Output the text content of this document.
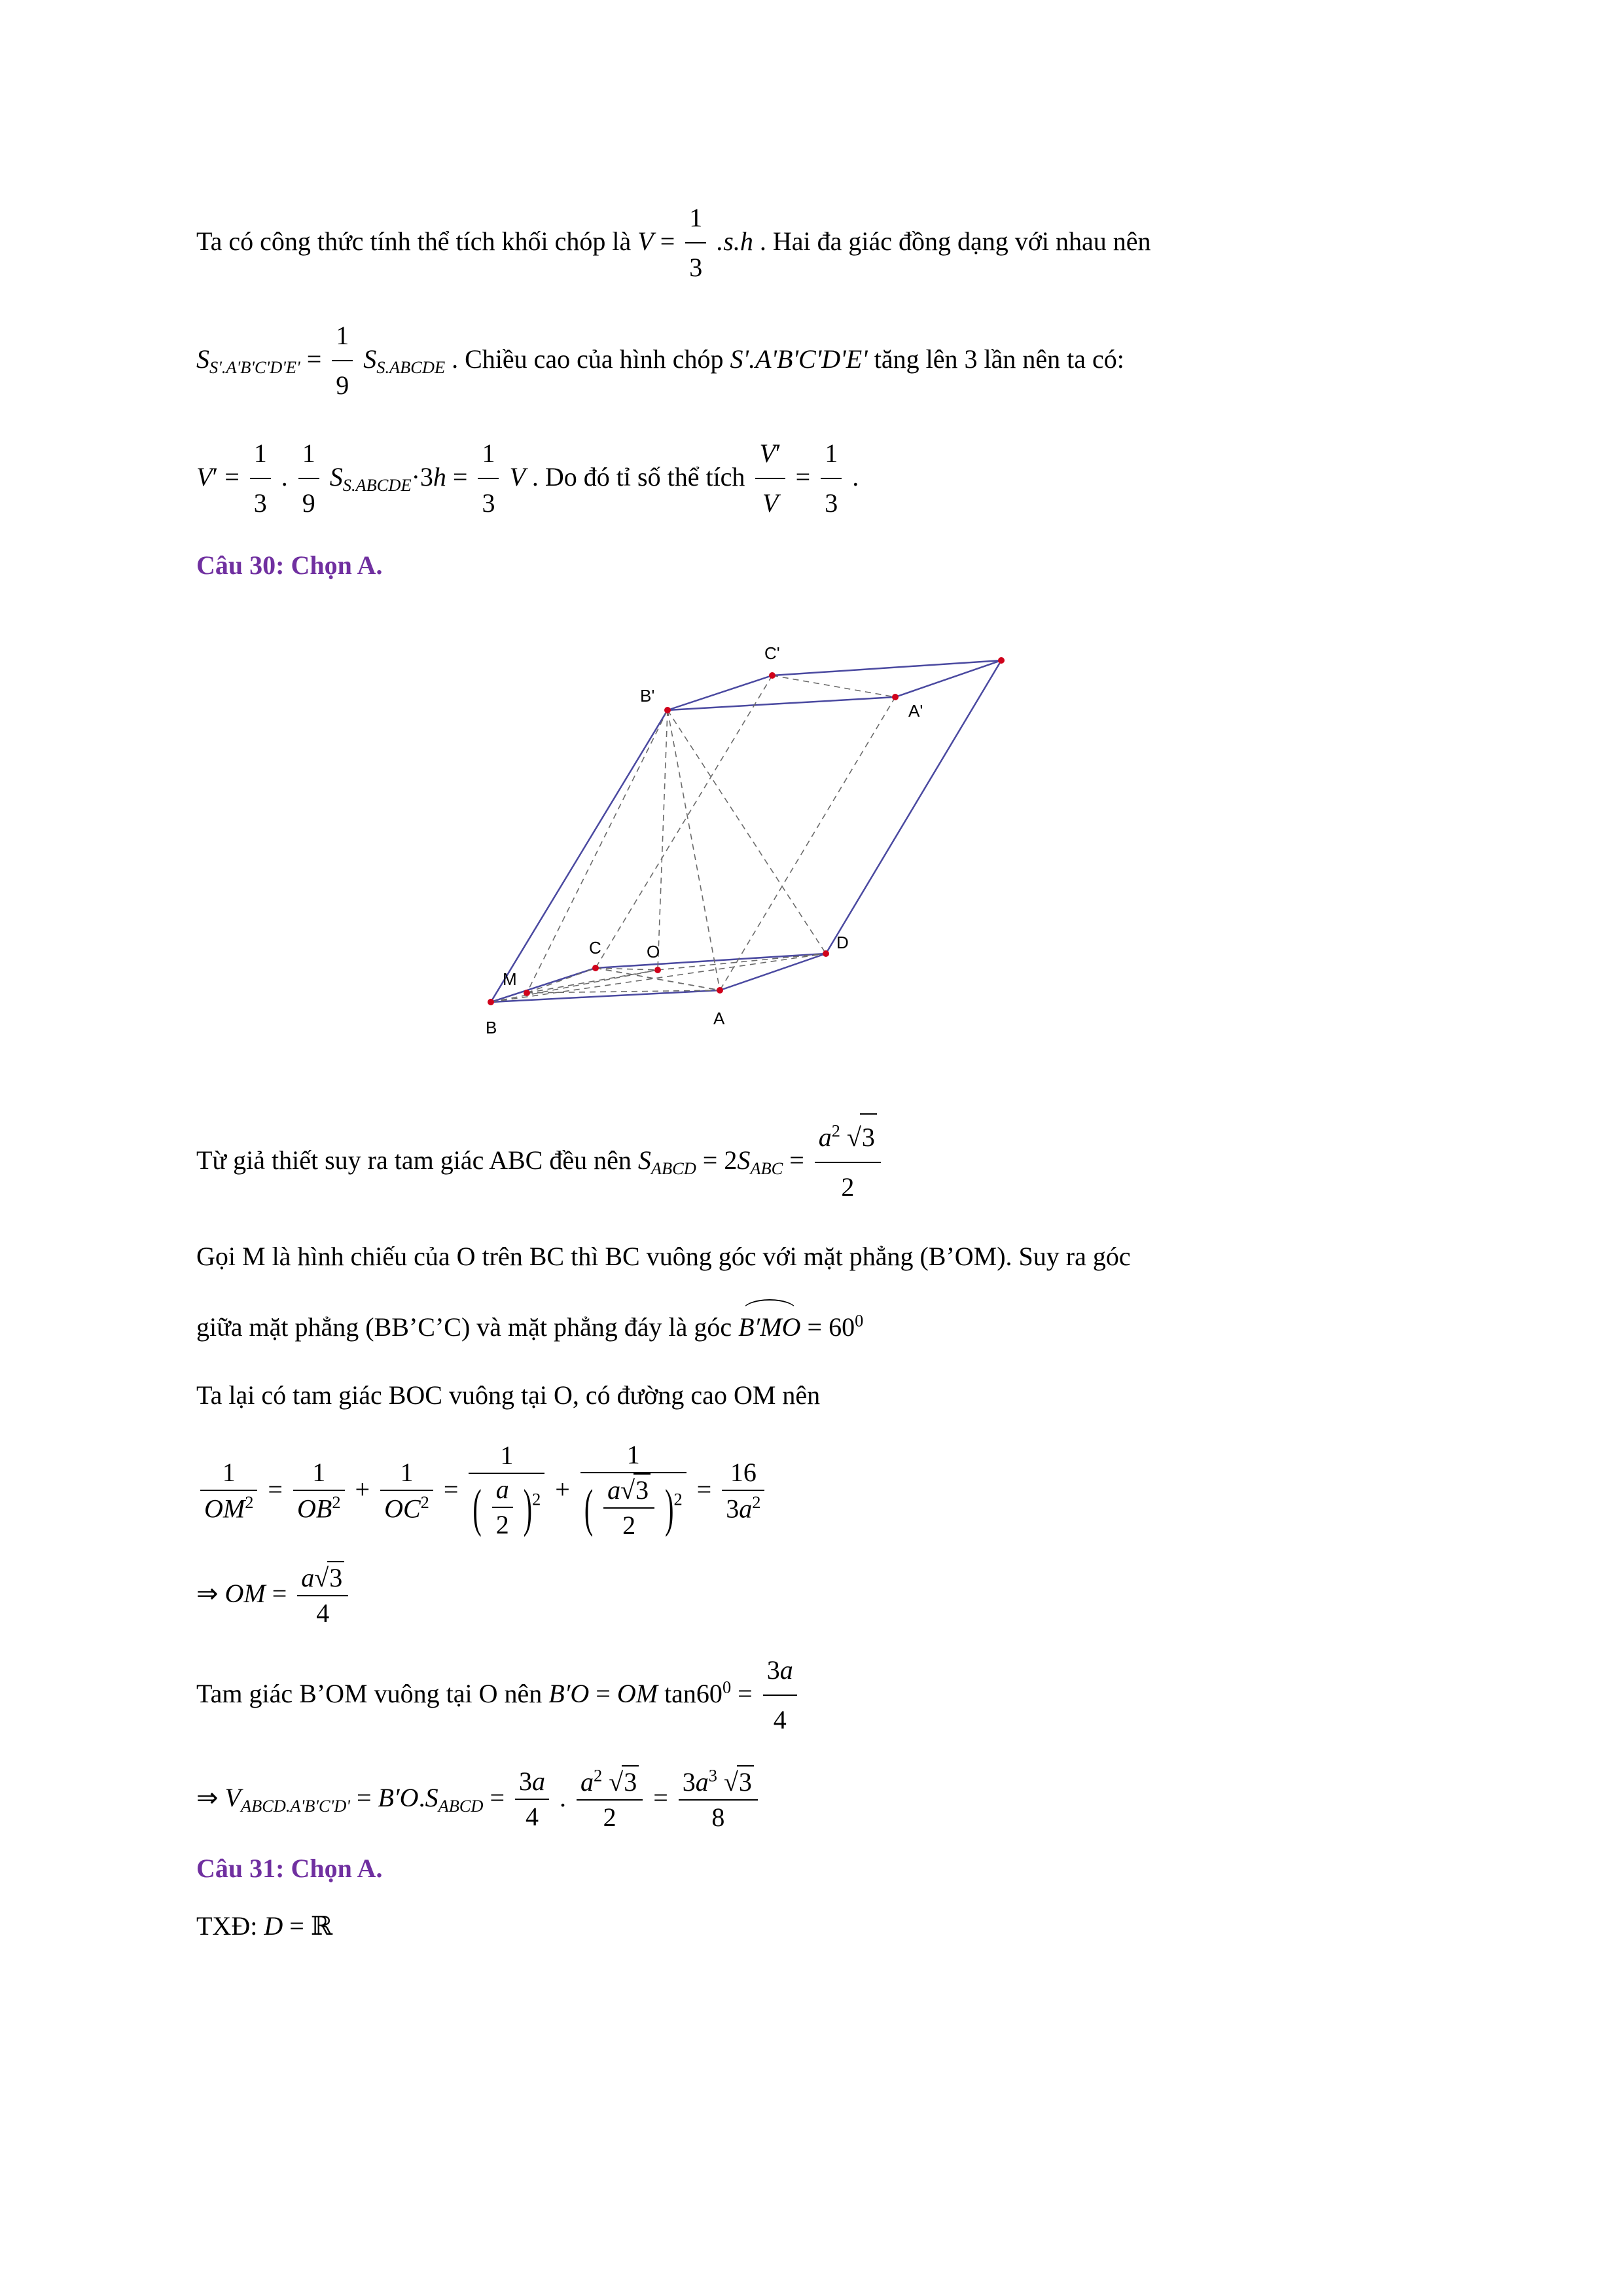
Ta có công thức tính thể tích khối chóp là $V = \frac{1}{3} .s.h$ . Hai đa giác đồng dạng với nhau nên
$S_{S'.A'B'C'D'E'} = \frac{1}{9} S_{S.ABCDE}$ . Chiều cao của hình chóp S'.A'B'C'D'E' tăng lên 3 lần nên ta có:
$V' = \frac{1}{3}$ . $\frac{1}{9} S_{S.ABCDE}\cdot 3h = \frac{1}{3}$ V . Do đó tỉ số thể tích $\frac{V'}{V} = \frac{1}{3}$ .
Câu 30: Chọn A.
C'
B'
A'
C	D
M
O
B	A
Từ giả thiết suy ra tam giác ABC đều nên $S_{ABCD} = 2S_{ABC} = \frac{a^2 √3}{2}$
Gọi M là hình chiếu của O trên BC thì BC vuông góc với mặt phẳng (B’OM). Suy ra góc
giữa mặt phẳng (BB’C’C) và mặt phẳng đáy là góc $B'MO = 60^0$
Ta lại có tam giác BOC vuông tại O, có đường cao OM nên
$\frac{1}{OM^2} = \frac{1}{OB^2} + \frac{1}{OC^2} = \frac{1}{( \frac{a}{2} )^2} + \frac{1}{( \frac{a√3}{2} )^2} = \frac{16}{3a^2}$
⇒ OM = $\frac{a√3}{4}$
Tam giác B’OM vuông tại O nên B′O = OM $\tan 60^0 = \frac{3a}{4}$
⇒ $V_{ABCD.A'B'C'D'} = B'O.S_{ABCD} = \frac{3a}{4}$ . $\frac{a^2 √3}{2} = \frac{3a^3 √3}{8}$
Câu 31: Chọn A.
TXĐ: D = ℝ
